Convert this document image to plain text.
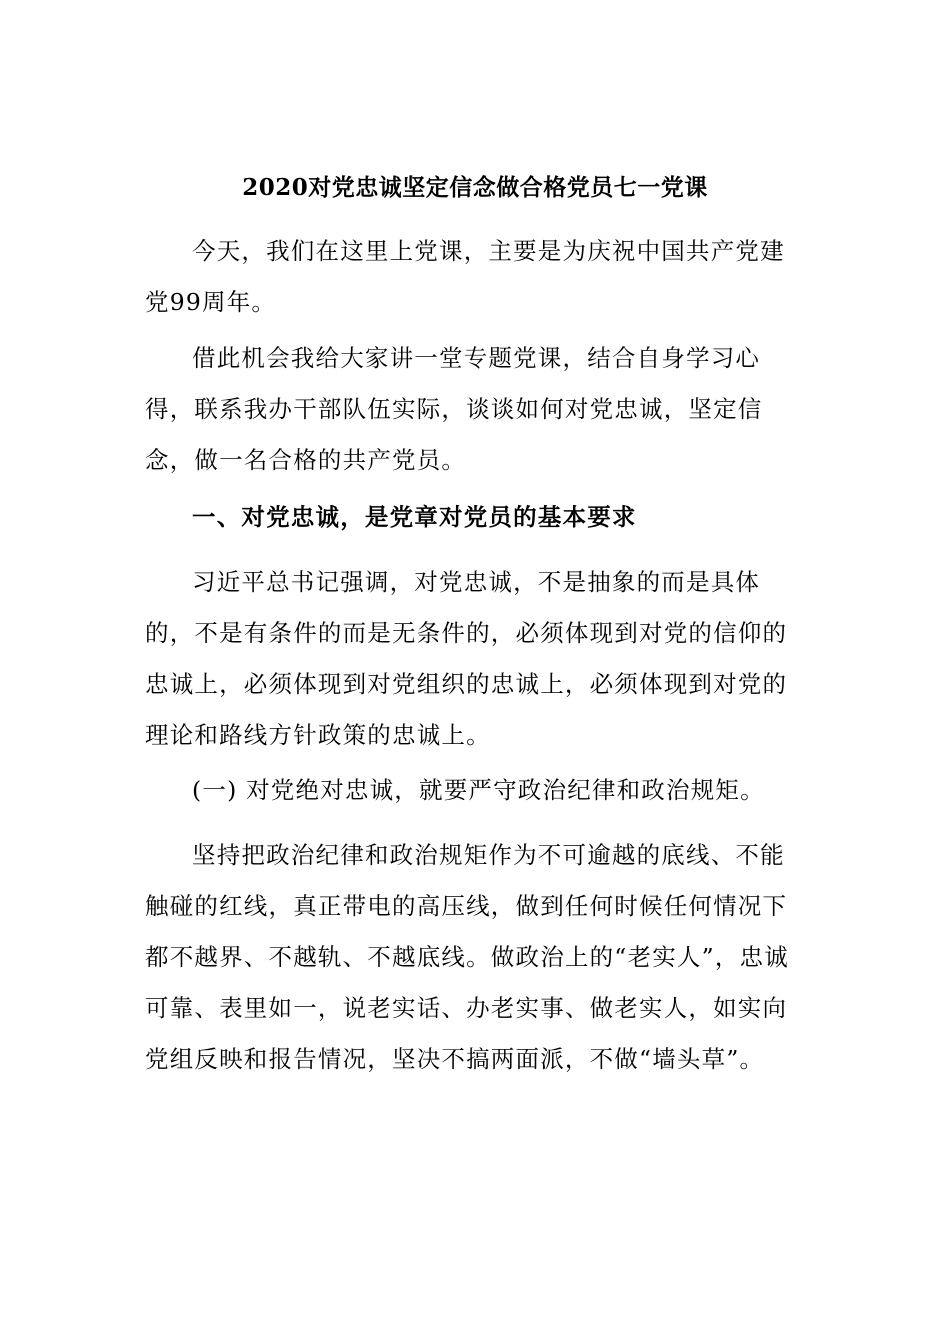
2020对党忠诚坚定信念做合格党员七一党课

今天，我们在这里上党课，主要是为庆祝中国共产党建党99周年。

借此机会我给大家讲一堂专题党课，结合自身学习心得，联系我办干部队伍实际，谈谈如何对党忠诚，坚定信念，做一名合格的共产党员。

一、对党忠诚，是党章对党员的基本要求

习近平总书记强调，对党忠诚，不是抽象的而是具体的，不是有条件的而是无条件的，必须体现到对党的信仰的忠诚上，必须体现到对党组织的忠诚上，必须体现到对党的理论和路线方针政策的忠诚上。

(一) 对党绝对忠诚，就要严守政治纪律和政治规矩。

坚持把政治纪律和政治规矩作为不可逾越的底线、不能触碰的红线，真正带电的高压线，做到任何时候任何情况下都不越界、不越轨、不越底线。做政治上的“老实人”，忠诚可靠、表里如一，说老实话、办老实事、做老实人，如实向党组反映和报告情况，坚决不搞两面派，不做“墙头草”。
